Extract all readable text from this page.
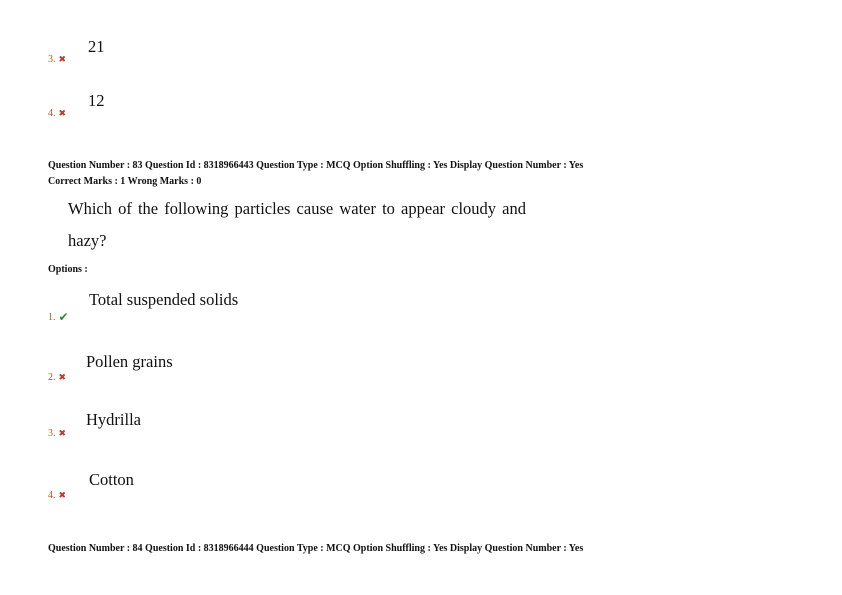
21
3. ✖
12
4. ✖
Question Number : 83 Question Id : 8318966443 Question Type : MCQ Option Shuffling : Yes Display Question Number : Yes
Correct Marks : 1 Wrong Marks : 0
Which of the following particles cause water to appear cloudy and
hazy?
Options :
Total suspended solids
1. ✔
Pollen grains
2. ✖
Hydrilla
3. ✖
Cotton
4. ✖
Question Number : 84 Question Id : 8318966444 Question Type : MCQ Option Shuffling : Yes Display Question Number : Yes
